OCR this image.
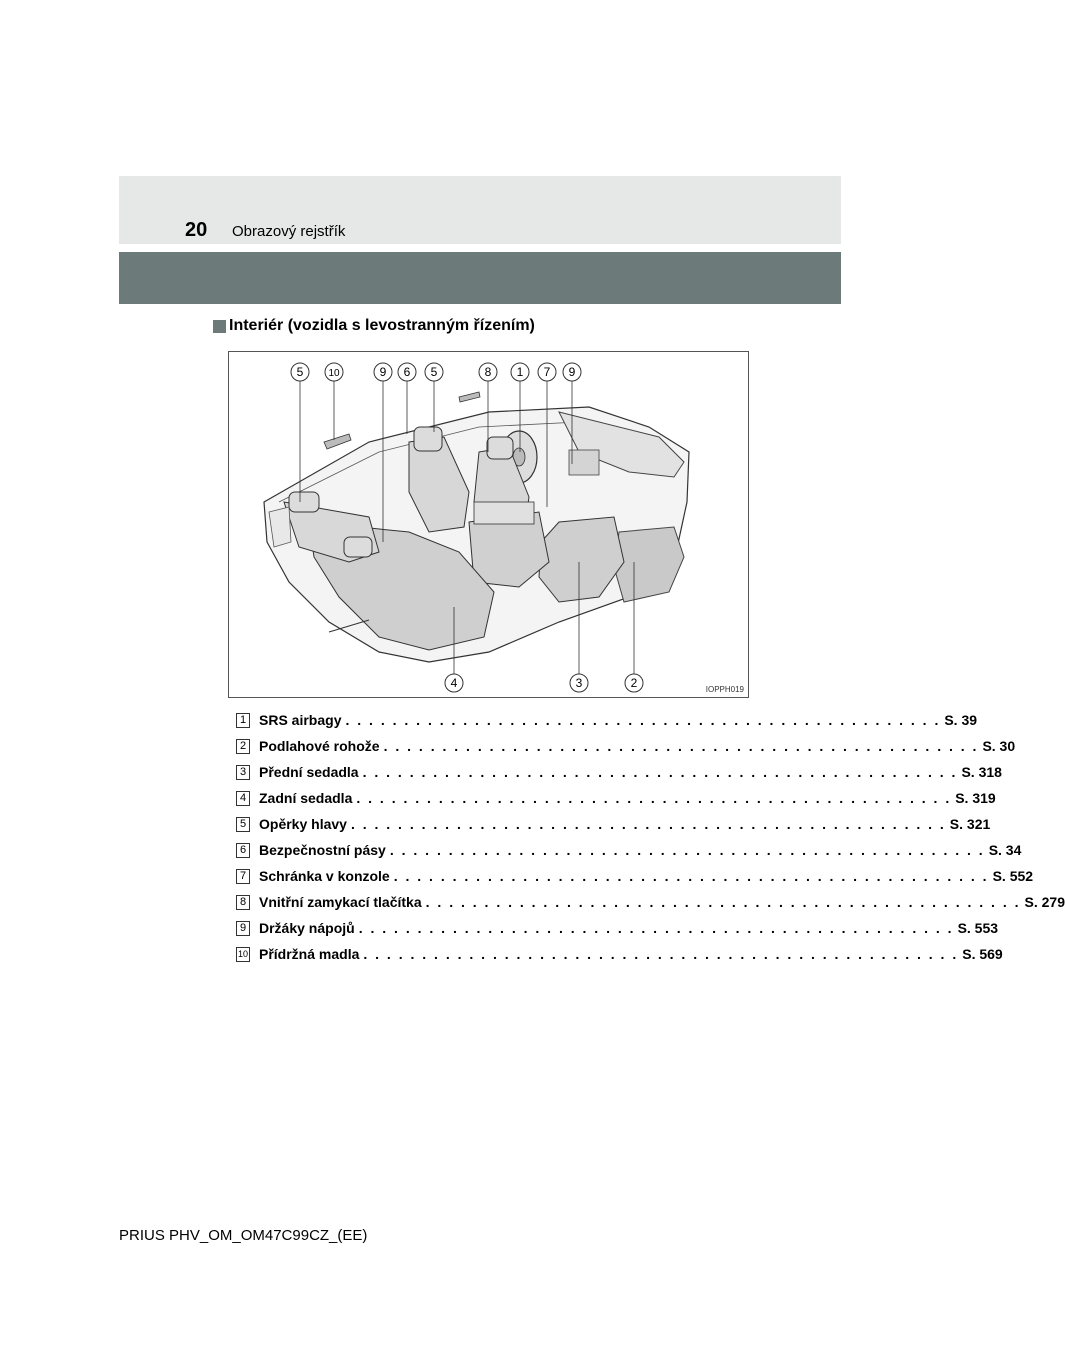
20 Obrazový rejstřík
Interiér (vozidla s levostranným řízením)
5	10	9 6 5	8 1 7 9
4	3	2	IOPPH019
1 SRS airbagy . . . . . . . . . . . . . . . . . . . . . . . . . . . . . . . . . . . . . . . . . . . . . . . . . . . S. 39
2 Podlahové rohože . . . . . . . . . . . . . . . . . . . . . . . . . . . . . . . . . . . . . . . . . . . . . . . . . . . S. 30
3 Přední sedadla . . . . . . . . . . . . . . . . . . . . . . . . . . . . . . . . . . . . . . . . . . . . . . . . . . . S. 318
4 Zadní sedadla . . . . . . . . . . . . . . . . . . . . . . . . . . . . . . . . . . . . . . . . . . . . . . . . . . . S. 319
5 Opěrky hlavy . . . . . . . . . . . . . . . . . . . . . . . . . . . . . . . . . . . . . . . . . . . . . . . . . . . S. 321
6 Bezpečnostní pásy . . . . . . . . . . . . . . . . . . . . . . . . . . . . . . . . . . . . . . . . . . . . . . . . . . . S. 34
7 Schránka v konzole . . . . . . . . . . . . . . . . . . . . . . . . . . . . . . . . . . . . . . . . . . . . . . . . . . . S. 552
8 Vnitřní zamykací tlačítka . . . . . . . . . . . . . . . . . . . . . . . . . . . . . . . . . . . . . . . . . . . . . . . . . . . S. 279
9 Držáky nápojů . . . . . . . . . . . . . . . . . . . . . . . . . . . . . . . . . . . . . . . . . . . . . . . . . . . S. 553
10 Přídržná madla . . . . . . . . . . . . . . . . . . . . . . . . . . . . . . . . . . . . . . . . . . . . . . . . . . . S. 569
PRIUS PHV_OM_OM47C99CZ_(EE)
